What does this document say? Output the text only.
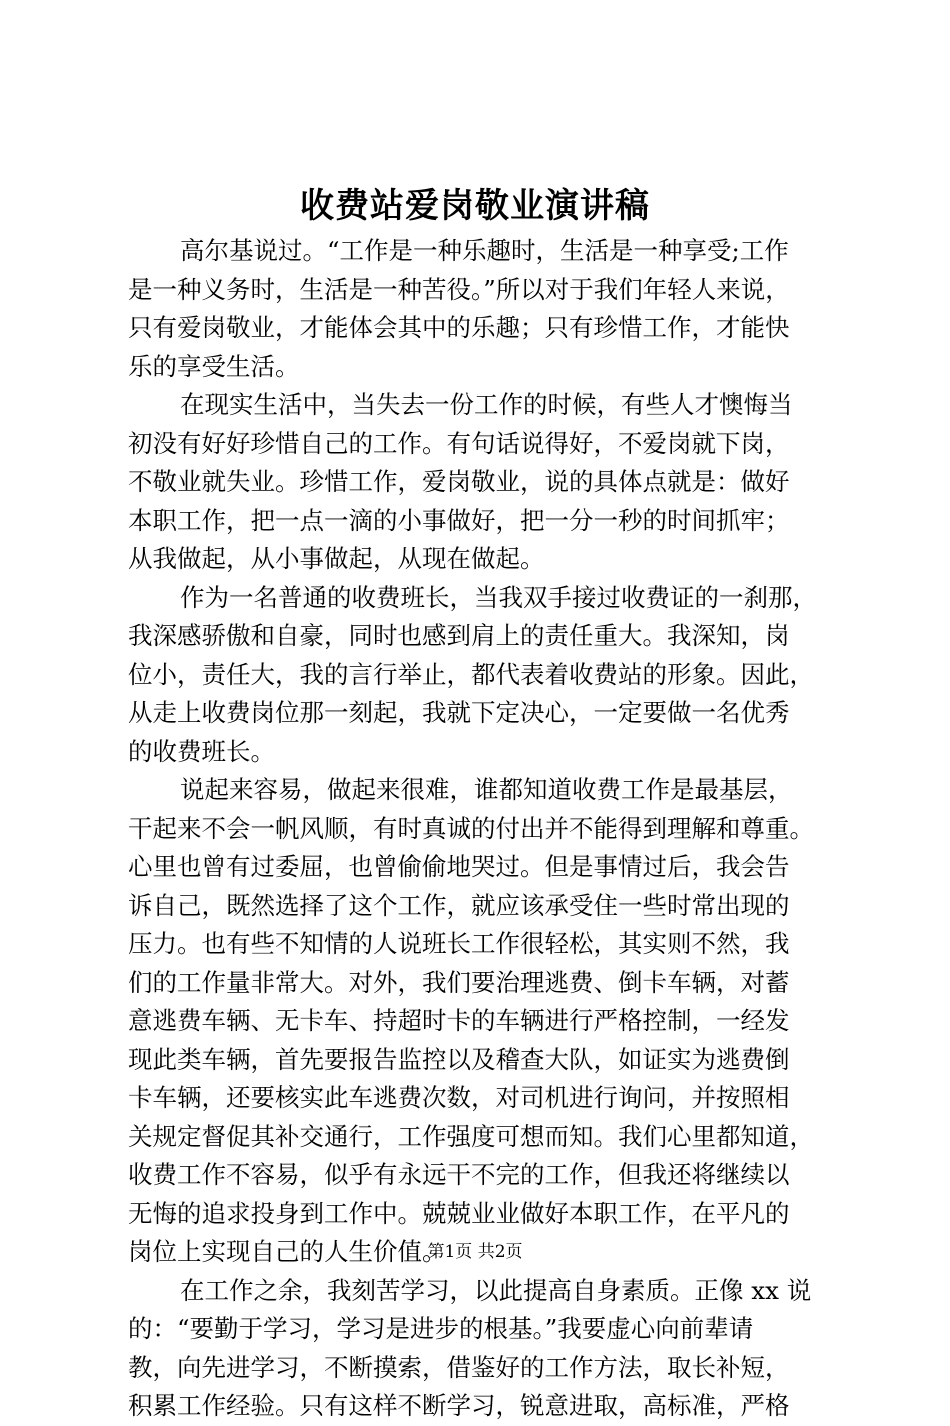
收费站爱岗敬业演讲稿
高尔基说过。“工作是一种乐趣时，生活是一种享受;工作
是一种义务时，生活是一种苦役。”所以对于我们年轻人来说，
只有爱岗敬业，才能体会其中的乐趣；只有珍惜工作，才能快
乐的享受生活。
在现实生活中，当失去一份工作的时候，有些人才懊悔当
初没有好好珍惜自己的工作。有句话说得好，不爱岗就下岗，
不敬业就失业。珍惜工作，爱岗敬业，说的具体点就是：做好
本职工作，把一点一滴的小事做好，把一分一秒的时间抓牢；
从我做起，从小事做起，从现在做起。
作为一名普通的收费班长，当我双手接过收费证的一刹那，
我深感骄傲和自豪，同时也感到肩上的责任重大。我深知，岗
位小，责任大，我的言行举止，都代表着收费站的形象。因此，
从走上收费岗位那一刻起，我就下定决心，一定要做一名优秀
的收费班长。
说起来容易，做起来很难，谁都知道收费工作是最基层，
干起来不会一帆风顺，有时真诚的付出并不能得到理解和尊重。
心里也曾有过委屈，也曾偷偷地哭过。但是事情过后，我会告
诉自己，既然选择了这个工作，就应该承受住一些时常出现的
压力。也有些不知情的人说班长工作很轻松，其实则不然，我
们的工作量非常大。对外，我们要治理逃费、倒卡车辆，对蓄
意逃费车辆、无卡车、持超时卡的车辆进行严格控制，一经发
现此类车辆，首先要报告监控以及稽查大队，如证实为逃费倒
卡车辆，还要核实此车逃费次数，对司机进行询问，并按照相
关规定督促其补交通行，工作强度可想而知。我们心里都知道，
收费工作不容易，似乎有永远干不完的工作，但我还将继续以
无悔的追求投身到工作中。兢兢业业做好本职工作，在平凡的
岗位上实现自己的人生价值。
在工作之余，我刻苦学习，以此提高自身素质。正像 xx 说
的：“要勤于学习，学习是进步的根基。”我要虚心向前辈请
教，向先进学习，不断摸索，借鉴好的工作方法，取长补短，
积累工作经验。只有这样不断学习，锐意进取，高标准，严格
第1页 共2页
